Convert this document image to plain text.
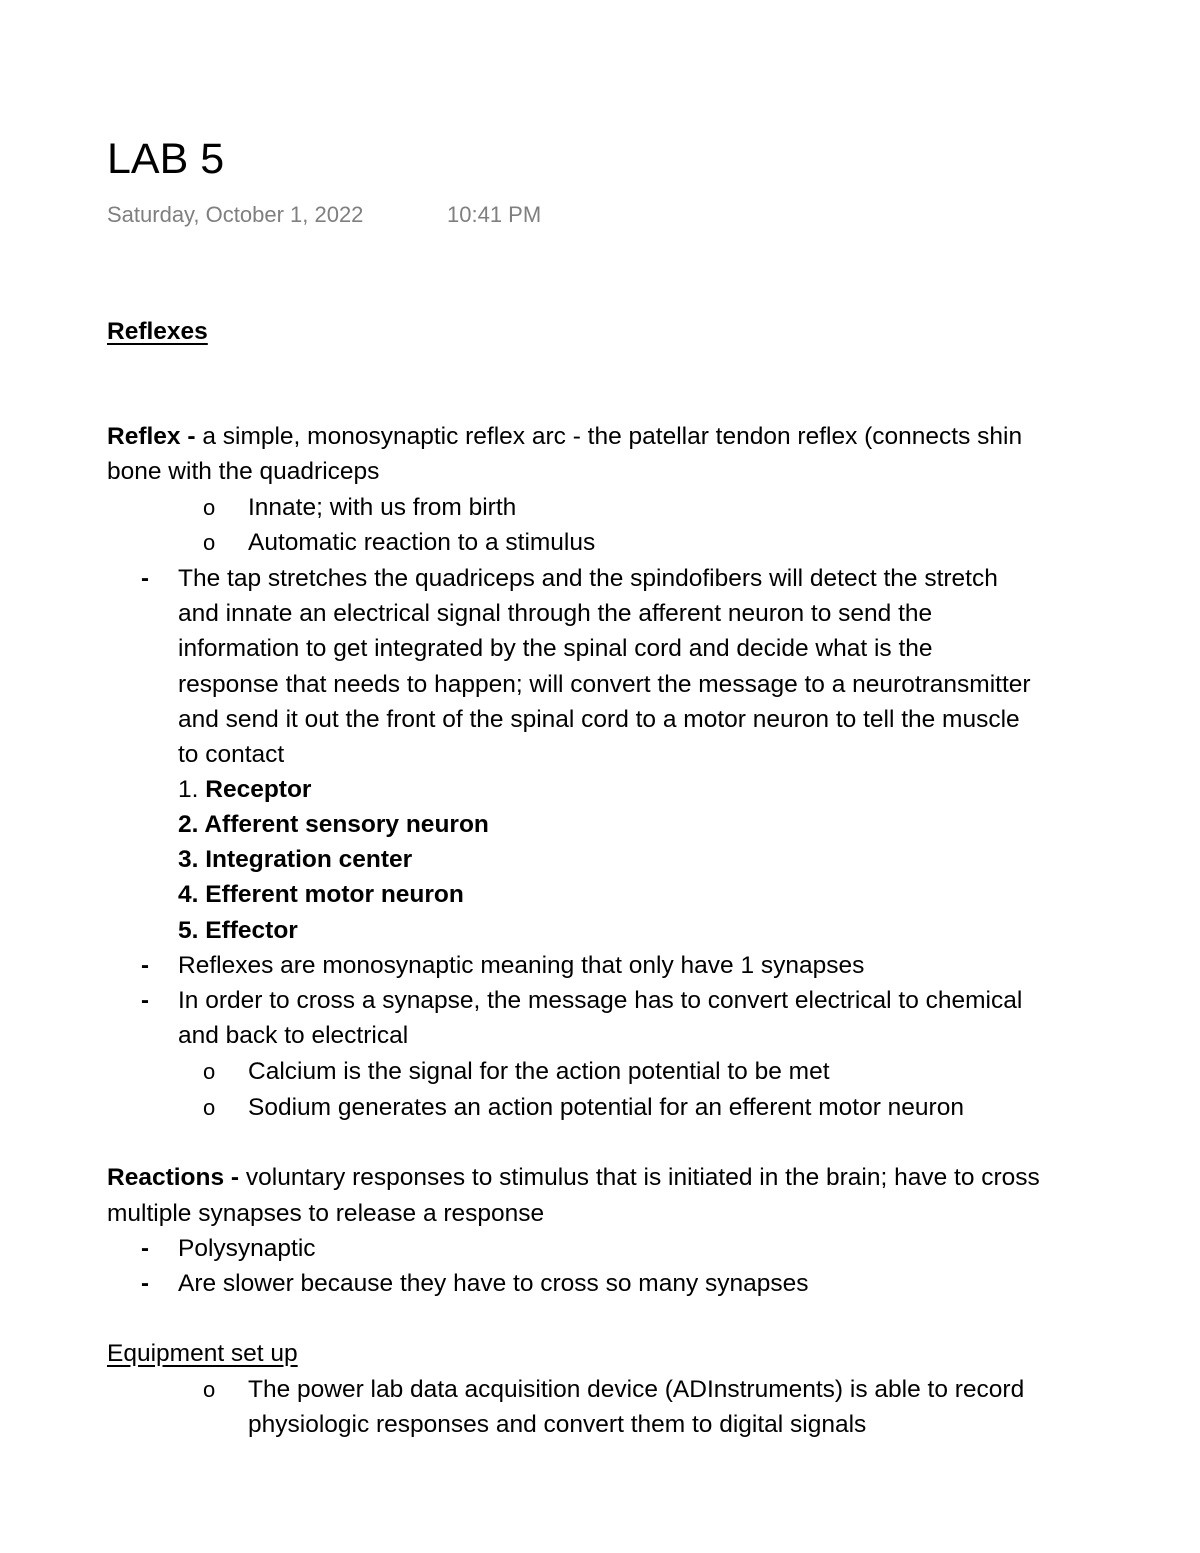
LAB 5
Saturday, October 1, 2022	10:41 PM
Reflexes
Reflex - a simple, monosynaptic reflex arc - the patellar tendon reflex (connects shin
bone with the quadriceps
o Innate; with us from birth
o Automatic reaction to a stimulus
- The tap stretches the quadriceps and the spindofibers will detect the stretch
and innate an electrical signal through the afferent neuron to send the
information to get integrated by the spinal cord and decide what is the
response that needs to happen; will convert the message to a neurotransmitter
and send it out the front of the spinal cord to a motor neuron to tell the muscle
to contact
1. Receptor
2. Afferent sensory neuron
3. Integration center
4. Efferent motor neuron
5. Effector
- Reflexes are monosynaptic meaning that only have 1 synapses
- In order to cross a synapse, the message has to convert electrical to chemical
and back to electrical
o Calcium is the signal for the action potential to be met
o Sodium generates an action potential for an efferent motor neuron
Reactions - voluntary responses to stimulus that is initiated in the brain; have to cross
multiple synapses to release a response
- Polysynaptic
- Are slower because they have to cross so many synapses
Equipment set up
o The power lab data acquisition device (ADInstruments) is able to record
physiologic responses and convert them to digital signals
